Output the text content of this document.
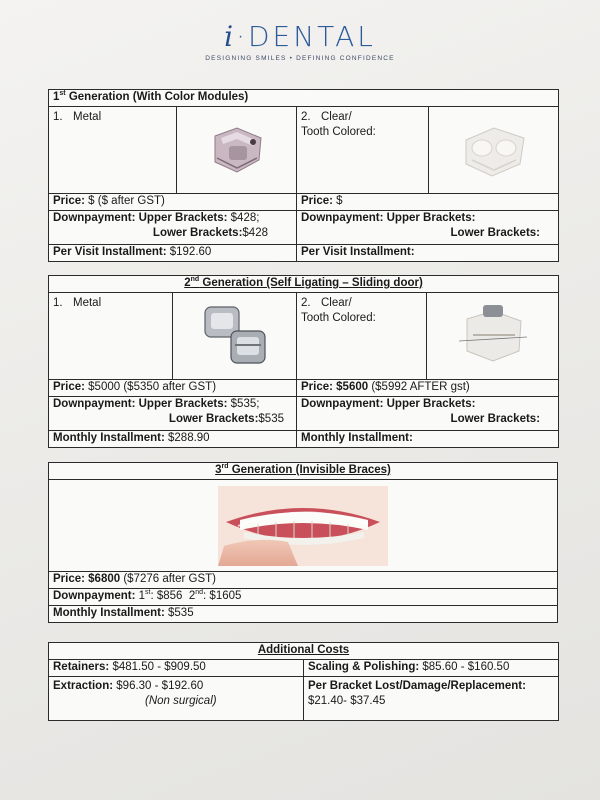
i·DENTAL
DESIGNING SMILES • DEFINING CONFIDENCE
1st Generation (With Color Modules)			
1. Metal		2. Clear/
Tooth Colored:	

Price: $ ($ after GST)		Price: $	
Downpayment: Upper Brackets: $428;
Lower Brackets:$428		Downpayment: Upper Brackets:
Lower Brackets:	

Per Visit Installment: $192.60		Per Visit Installment:	
2nd Generation (Self Ligating – Sliding door)			
1. Metal		2. Clear/
Tooth Colored:	

Price: $5000 ($5350 after GST)		Price: $5600 ($5992 AFTER gst)	
Downpayment: Upper Brackets: $535;
Lower Brackets:$535		Downpayment: Upper Brackets:
Lower Brackets:	

Monthly Installment: $288.90		Monthly Installment:	
3rd Generation (Invisible Braces)

Price: $6800 ($7276 after GST)
Downpayment: 1st: $856  2nd: $1605
Monthly Installment: $535
Additional Costs	
Retainers: $481.50 - $909.50	Scaling & Polishing: $85.60 - $160.50
Extraction: $96.30 - $192.60
(Non surgical)	Per Bracket Lost/Damage/Replacement:
$21.40- $37.45
